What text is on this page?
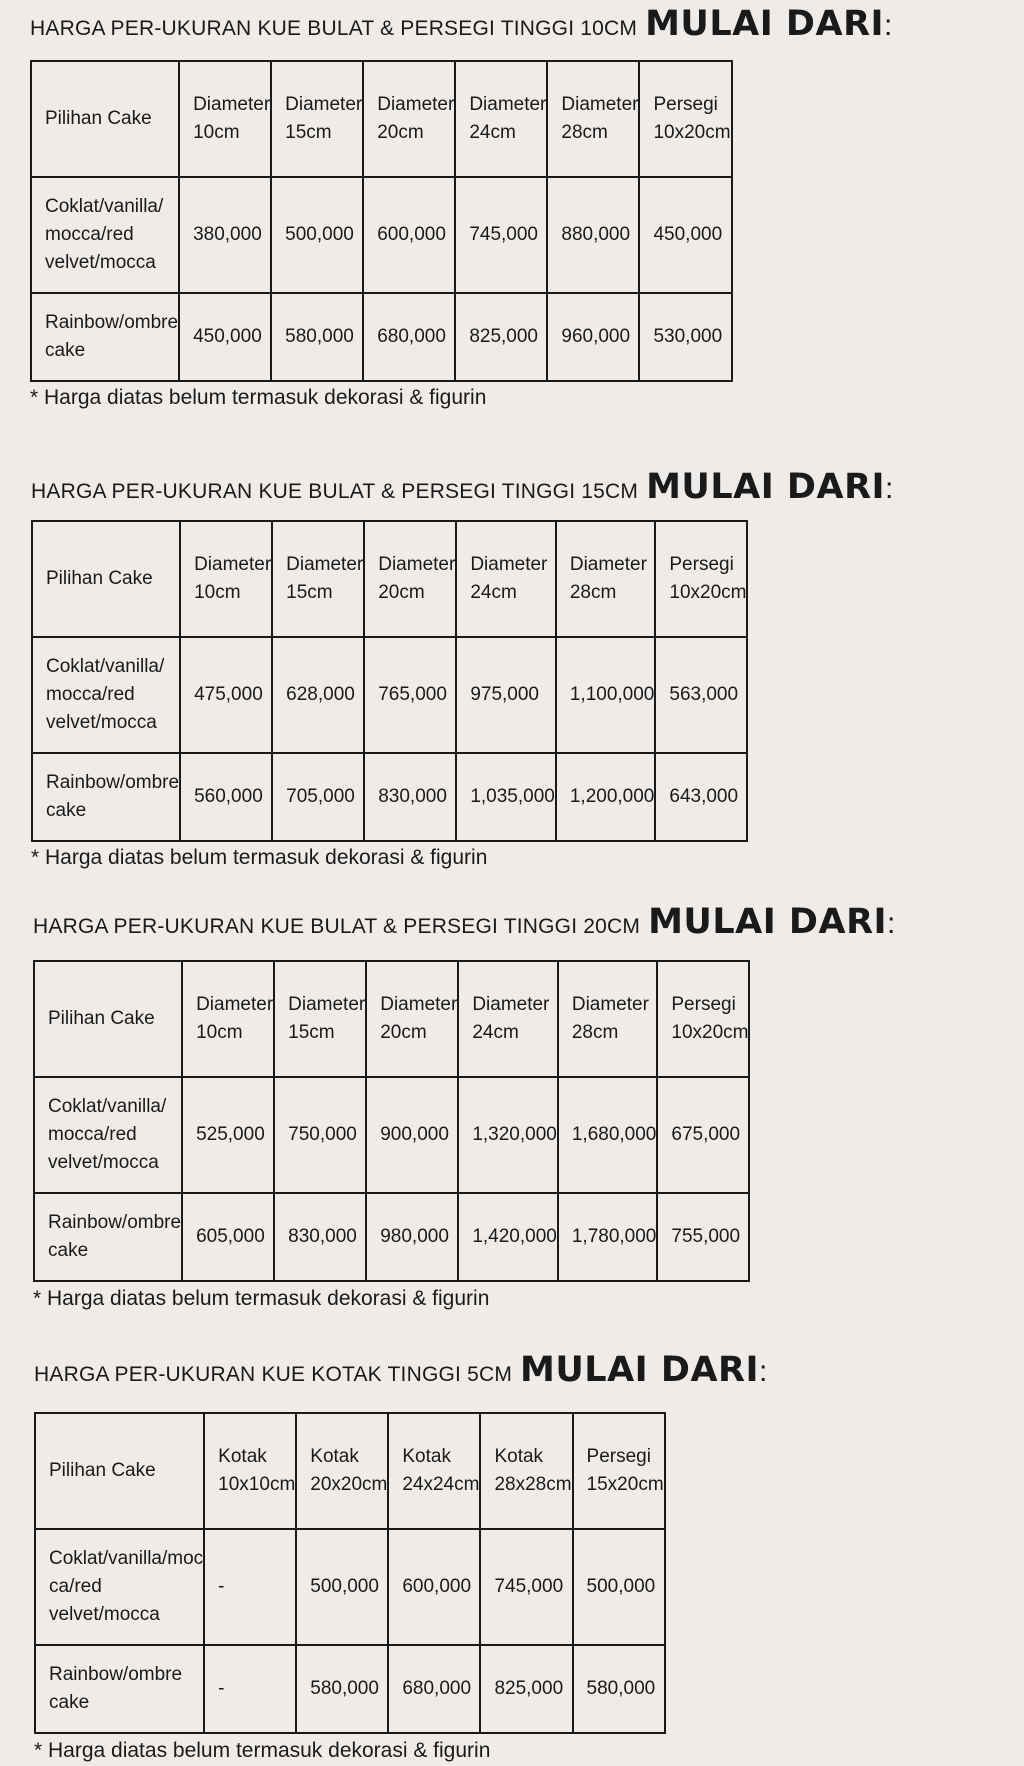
HARGA PER-UKURAN KUE BULAT & PERSEGI TINGGI 10CM MULAI DARI :
Pilihan Cake	Diameter 10cm	Diameter 15cm	Diameter 20cm	Diameter 24cm	Diameter 28cm	Persegi 10x20cm
Coklat/vanilla/ mocca/red velvet/mocca	380,000	500,000	600,000	745,000	880,000	450,000
Rainbow/ombre cake	450,000	580,000	680,000	825,000	960,000	530,000
* Harga diatas belum termasuk dekorasi & figurin
HARGA PER-UKURAN KUE BULAT & PERSEGI TINGGI 15CM MULAI DARI :
Pilihan Cake	Diameter 10cm	Diameter 15cm	Diameter 20cm	Diameter 24cm	Diameter 28cm	Persegi 10x20cm
Coklat/vanilla/ mocca/red velvet/mocca	475,000	628,000	765,000	975,000	1,100,000	563,000
Rainbow/ombre cake	560,000	705,000	830,000	1,035,000	1,200,000	643,000
* Harga diatas belum termasuk dekorasi & figurin
HARGA PER-UKURAN KUE BULAT & PERSEGI TINGGI 20CM MULAI DARI :
Pilihan Cake	Diameter 10cm	Diameter 15cm	Diameter 20cm	Diameter 24cm	Diameter 28cm	Persegi 10x20cm
Coklat/vanilla/ mocca/red velvet/mocca	525,000	750,000	900,000	1,320,000	1,680,000	675,000
Rainbow/ombre cake	605,000	830,000	980,000	1,420,000	1,780,000	755,000
* Harga diatas belum termasuk dekorasi & figurin
HARGA PER-UKURAN KUE KOTAK TINGGI 5CM MULAI DARI :
Pilihan Cake	Kotak 10x10cm	Kotak 20x20cm	Kotak 24x24cm	Kotak 28x28cm	Persegi 15x20cm
Coklat/vanilla/moc ca/red velvet/mocca	-	500,000	600,000	745,000	500,000
Rainbow/ombre cake	-	580,000	680,000	825,000	580,000
* Harga diatas belum termasuk dekorasi & figurin
